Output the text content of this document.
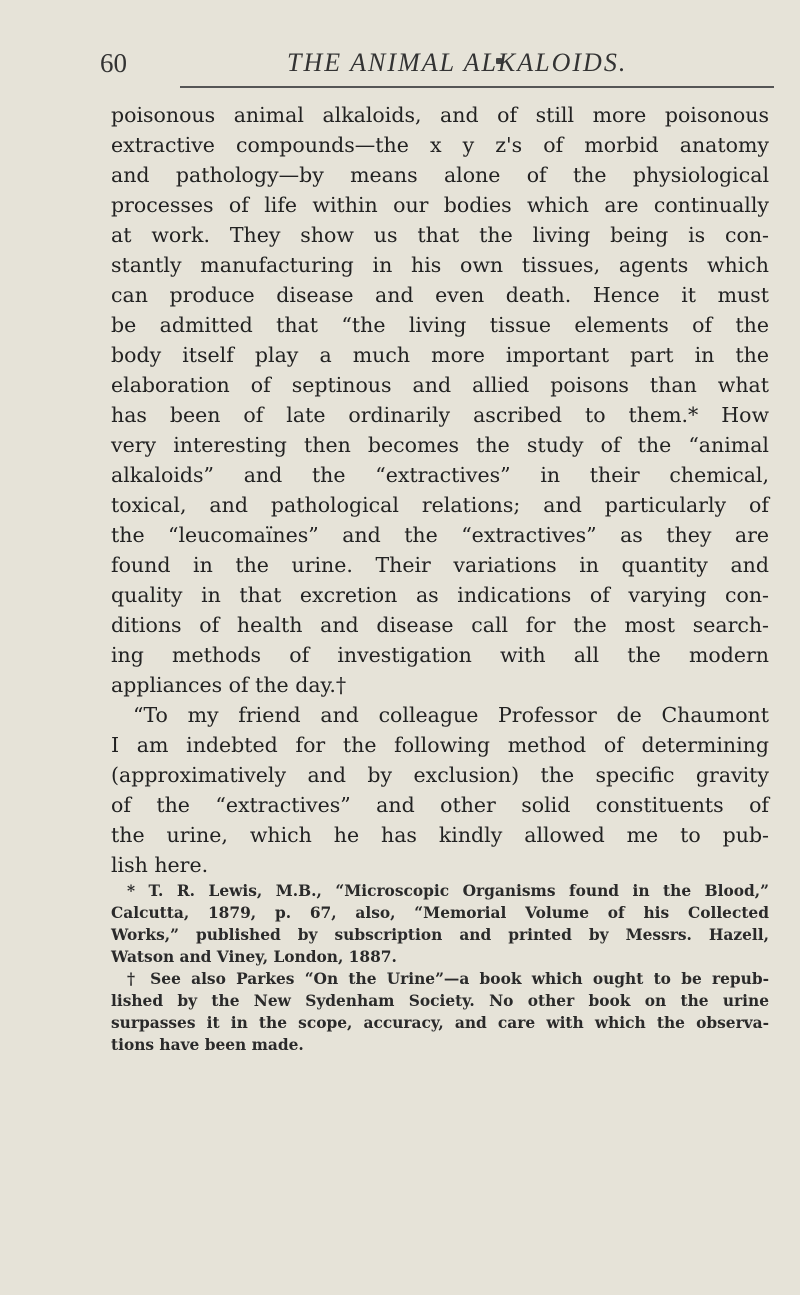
60	THE ANIMAL ALKALOIDS.
poisonous animal alkaloids, and of still more poisonous
extractive compounds—the x y z's of morbid anatomy
and pathology—by means alone of the physiological
processes of life within our bodies which are continually
at work. They show us that the living being is con-
stantly manufacturing in his own tissues, agents which
can produce disease and even death. Hence it must
be admitted that “the living tissue elements of the
body itself play a much more important part in the
elaboration of septinous and allied poisons than what
has been of late ordinarily ascribed to them.* How
very interesting then becomes the study of the “animal
alkaloids” and the “extractives” in their chemical,
toxical, and pathological relations; and particularly of
the “leucomaïnes” and the “extractives” as they are
found in the urine. Their variations in quantity and
quality in that excretion as indications of varying con-
ditions of health and disease call for the most search-
ing methods of investigation with all the modern
appliances of the day.†
“To my friend and colleague Professor de Chaumont
I am indebted for the following method of determining
(approximatively and by exclusion) the specific gravity
of the “extractives” and other solid constituents of
the urine, which he has kindly allowed me to pub-
lish here.
* T. R. Lewis, M.B., “Microscopic Organisms found in the Blood,”
Calcutta, 1879, p. 67, also, “Memorial Volume of his Collected
Works,” published by subscription and printed by Messrs. Hazell,
Watson and Viney, London, 1887.
† See also Parkes “On the Urine”—a book which ought to be repub-
lished by the New Sydenham Society. No other book on the urine
surpasses it in the scope, accuracy, and care with which the observa-
tions have been made.
